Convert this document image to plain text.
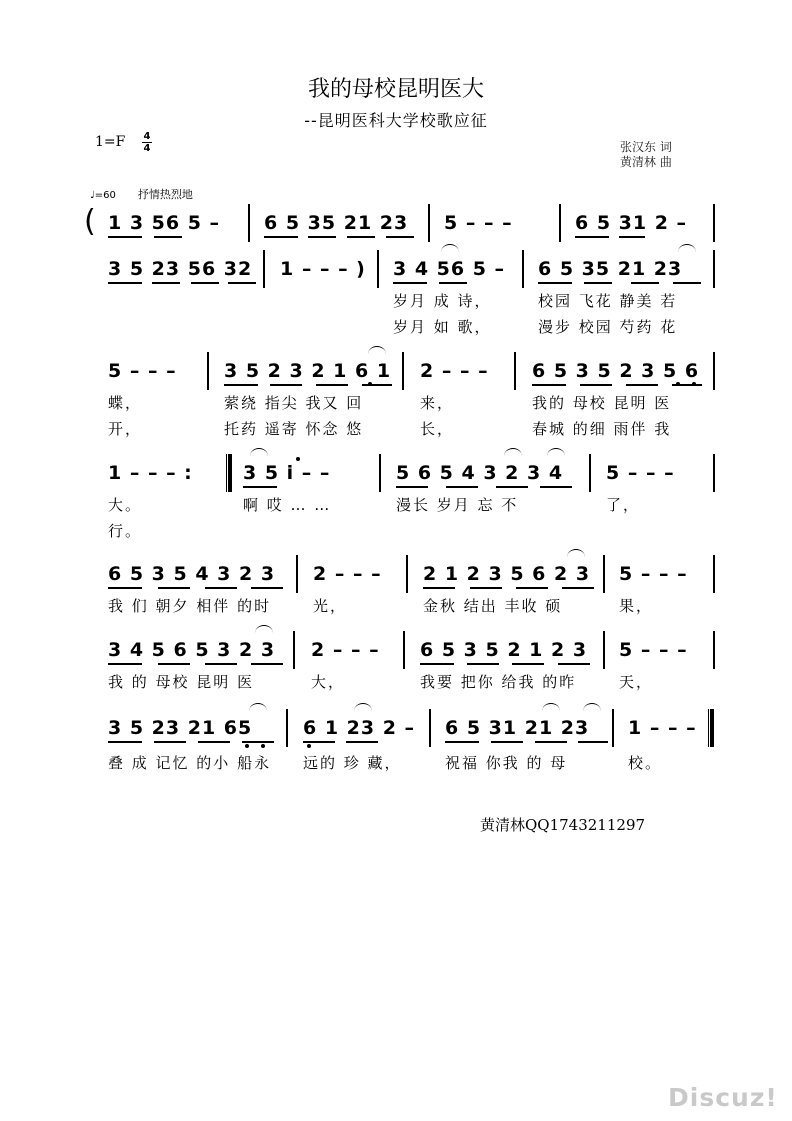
我的母校昆明医大
--昆明医科大学校歌应征
1=F 4
4	张汉东 词
黄清林 曲
♩=60 抒情热烈地
( 1 3 56 5 – 6 5 35 21 23 5 – – –	6 5 31 2 –
3 5 23 56 32 1 – – – ) 3 4 56 5 – 6 5 35 21 23
岁月 成 诗，	校园 飞花 静美 若
岁月 如 歌，	漫步 校园 芍药 花
5 – – – 3 5 2 3 2 1 6 1 2 – – – 6 5 3 5 2 3 5 6
蝶，	萦绕 指尖 我又 回	来，	我的 母校 昆明 医
开，	托药 遥寄 怀念 悠	长，	春城 的细 雨伴 我
1 – – – :	3 5 i – –	5 6 5 4 3 2 3 4 5 – – –
大。	啊 哎 … …	漫长 岁月 忘 不	了，
行。
6 5 3 5 4 3 2 3 2 – – – 2 1 2 3 5 6 2 3 5 – – –
我 们 朝夕 相伴 的时	光，	金秋 结出 丰收 硕	果，
3 4 5 6 5 3 2 3 2 – – – 6 5 3 5 2 1 2 3 5 – – –
我 的 母校 昆明 医	大，	我要 把你 给我 的昨	天，
3 5 23 21 65	6 1 23 2 – 6 5 31 21 23 1 – – –
叠 成 记忆 的小 船永 远的 珍 藏，	祝福 你我 的 母	校。
黄清林QQ1743211297
Discuz!
